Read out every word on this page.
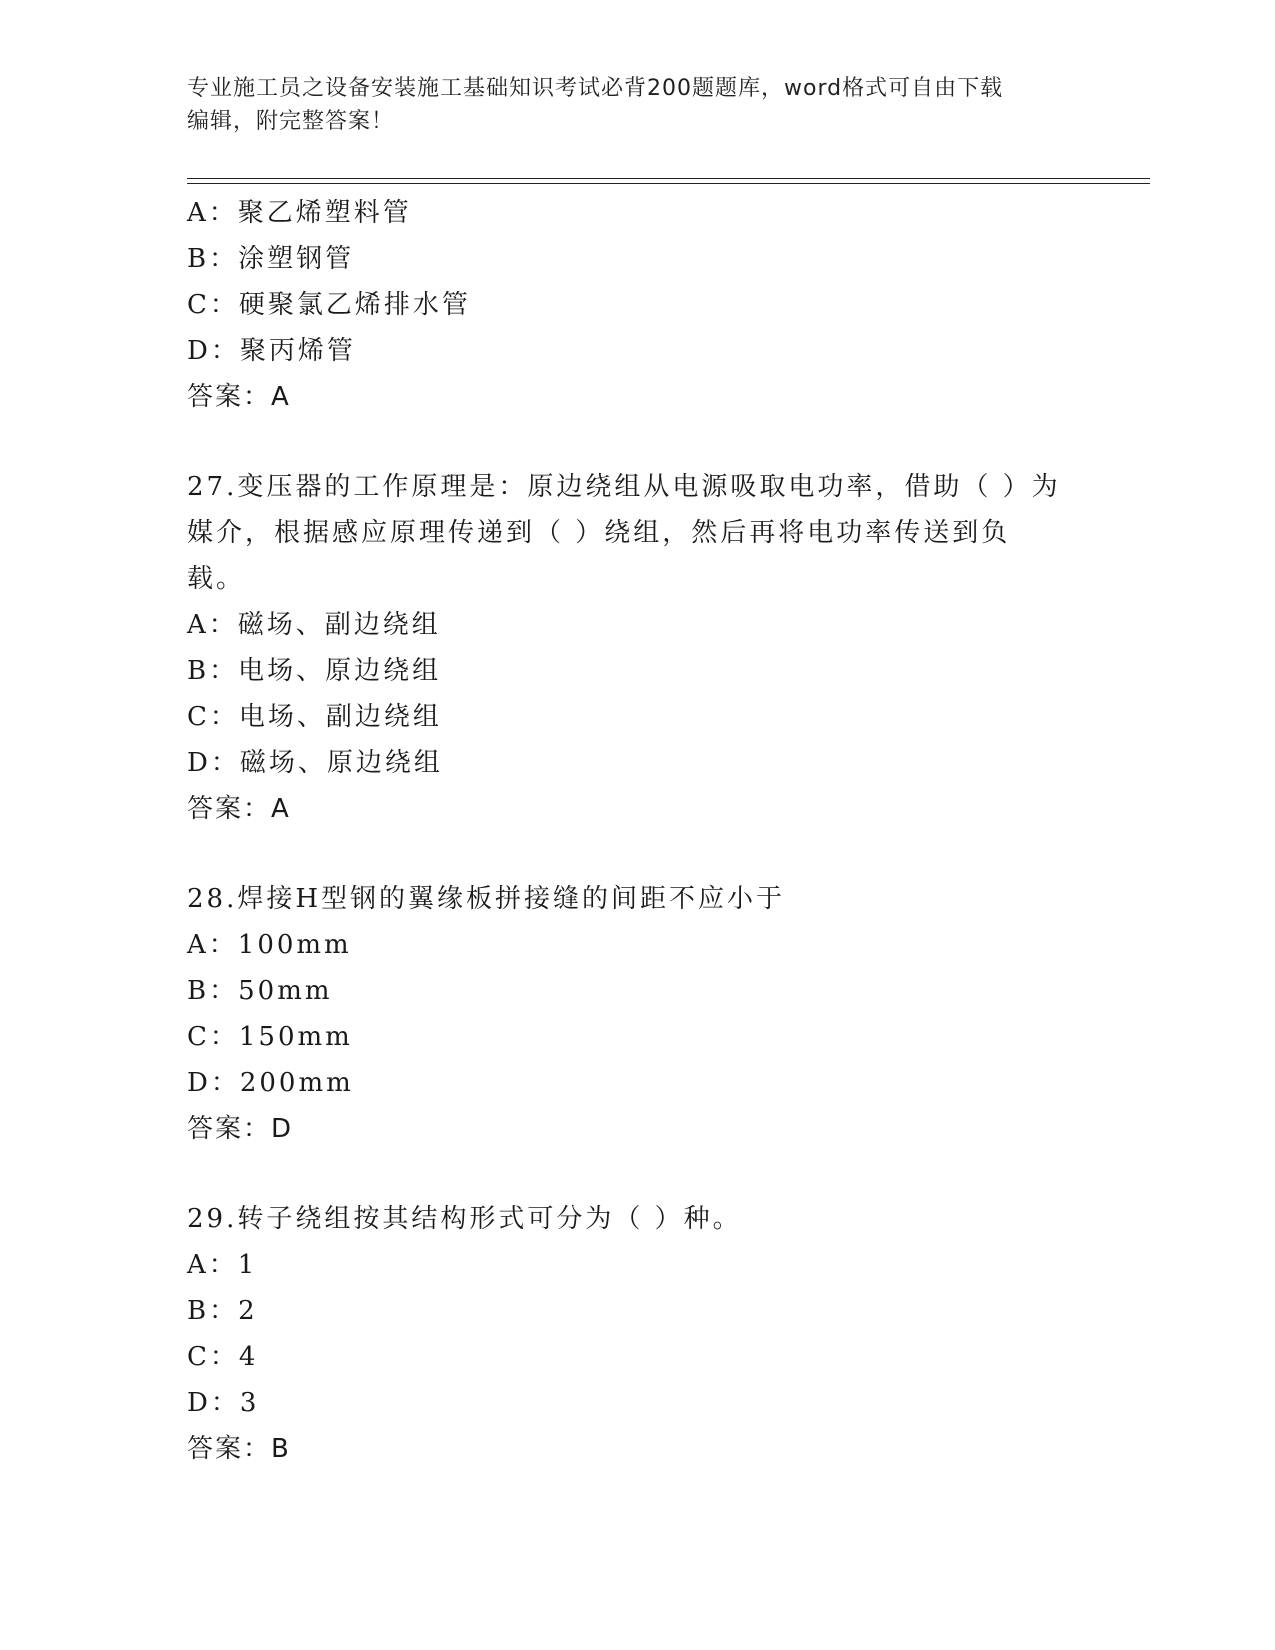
专业施工员之设备安装施工基础知识考试必背200题题库，word格式可自由下载
编辑，附完整答案！
A：聚乙烯塑料管
B：涂塑钢管
C：硬聚氯乙烯排水管
D：聚丙烯管
答案：A
27.变压器的工作原理是：原边绕组从电源吸取电功率，借助（ ）为
媒介，根据感应原理传递到（ ）绕组，然后再将电功率传送到负载。
A：磁场、副边绕组
B：电场、原边绕组
C：电场、副边绕组
D：磁场、原边绕组
答案：A
28.焊接H型钢的翼缘板拼接缝的间距不应小于
A：100mm
B：50mm
C：150mm
D：200mm
答案：D
29.转子绕组按其结构形式可分为（ ）种。
A：1
B：2
C：4
D：3
答案：B
